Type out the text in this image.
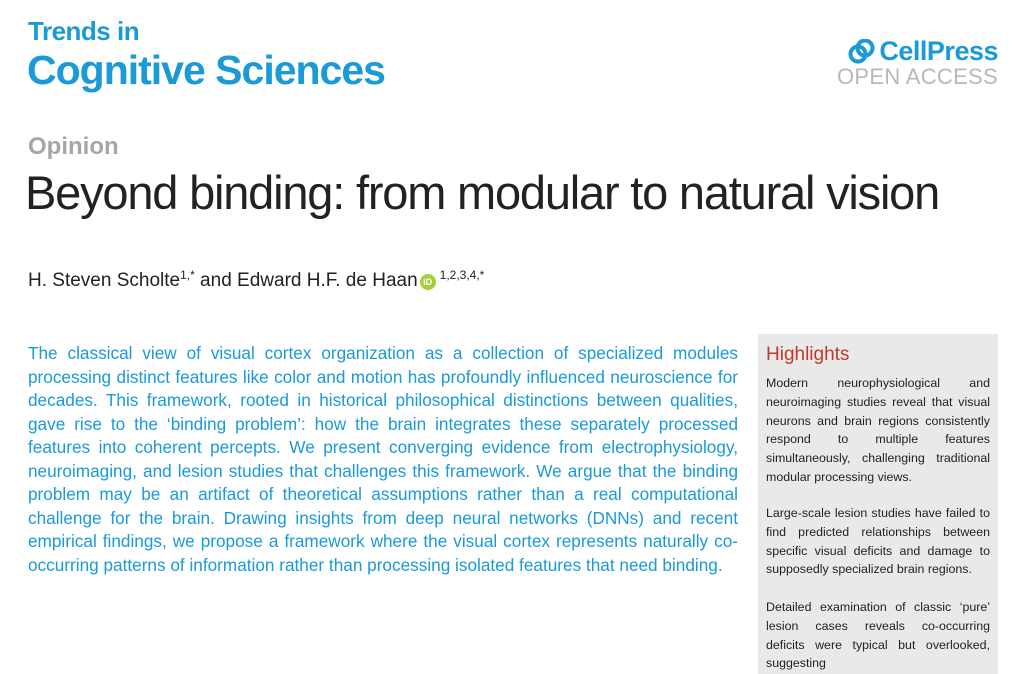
Trends in
Cognitive Sciences	CellPress
OPEN ACCESS
Opinion
Beyond binding: from modular to natural vision
H. Steven Scholte$^{1,*}$ and Edward H.F. de Haan iD $^{1,2,3,4,*}$

The classical view of visual cortex organization as a collection of specialized modules processing distinct features like color and motion has profoundly influenced neuroscience for decades. This framework, rooted in historical philosophical distinctions between qualities, gave rise to the ‘binding problem’: how the brain integrates these separately processed features into coherent percepts. We present converging evidence from electrophysiology, neuroimaging, and lesion studies that challenges this framework. We argue that the binding problem may be an artifact of theoretical assumptions rather than a real computational challenge for the brain. Drawing insights from deep neural networks (DNNs) and recent empirical findings, we propose a framework where the visual cortex represents naturally co-occurring patterns of information rather than processing isolated features that need binding.

Highlights

Modern neurophysiological and neuroimaging studies reveal that visual neurons and brain regions consistently respond to multiple features simultaneously, challenging traditional modular processing views.

Large-scale lesion studies have failed to find predicted relationships between specific visual deficits and damage to supposedly specialized brain regions.

Detailed examination of classic ‘pure’ lesion cases reveals co-occurring deficits were typical but overlooked, suggesting
